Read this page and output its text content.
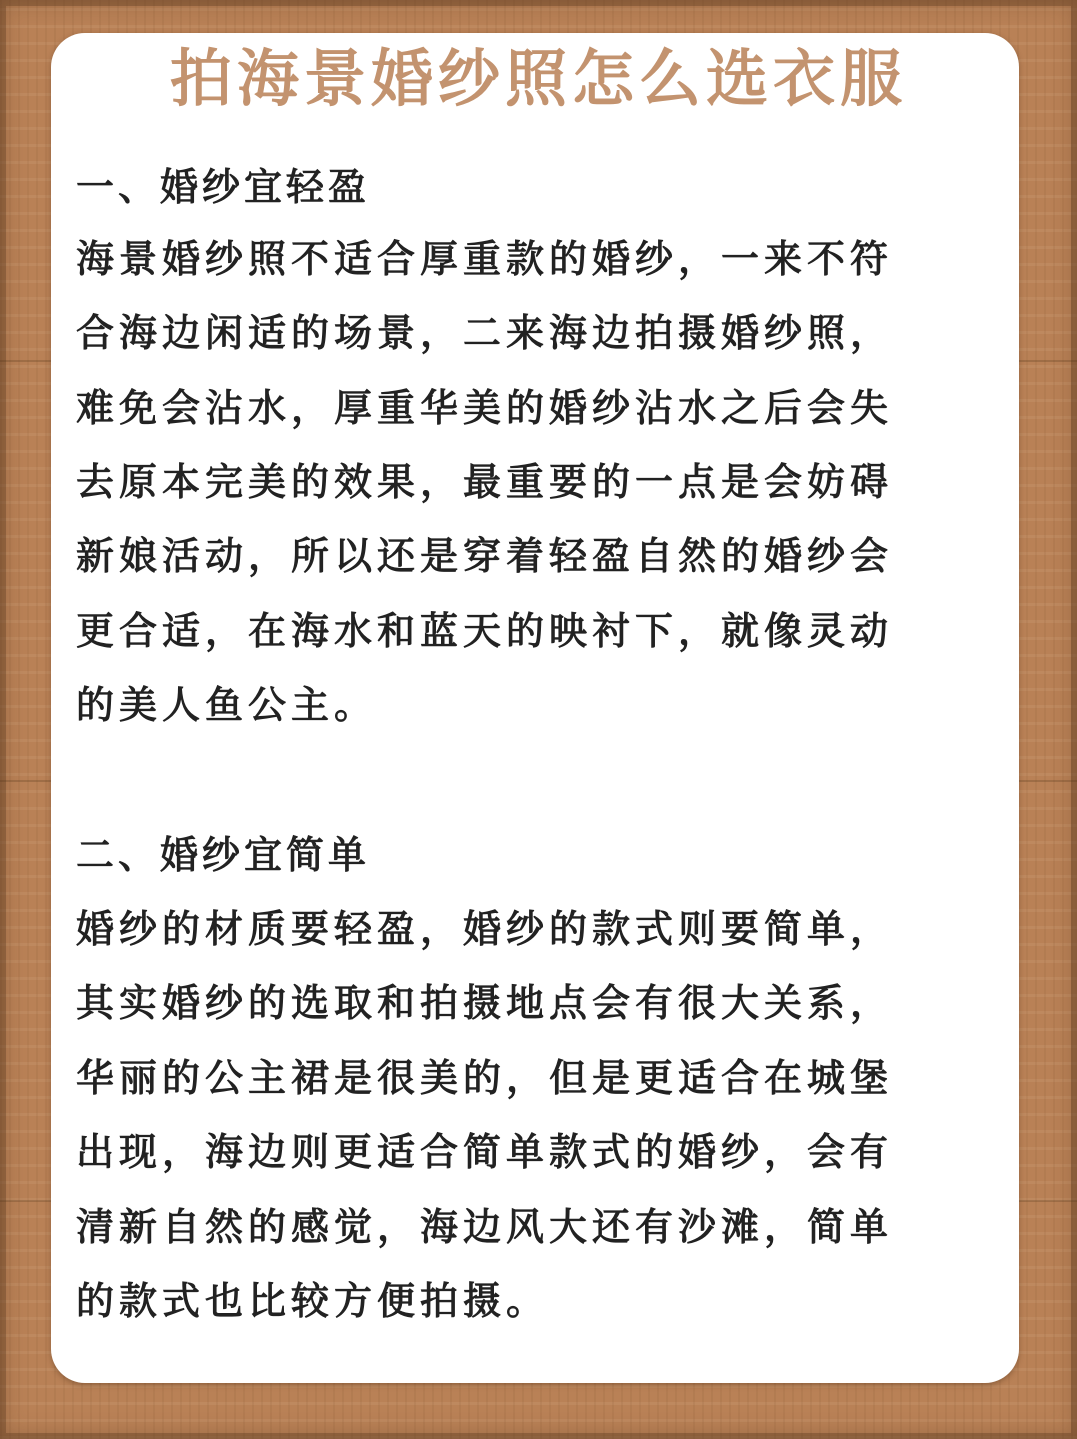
拍海景婚纱照怎么选衣服
一、婚纱宜轻盈
海景婚纱照不适合厚重款的婚纱，一来不符
合海边闲适的场景，二来海边拍摄婚纱照，
难免会沾水，厚重华美的婚纱沾水之后会失
去原本完美的效果，最重要的一点是会妨碍
新娘活动，所以还是穿着轻盈自然的婚纱会
更合适，在海水和蓝天的映衬下，就像灵动
的美人鱼公主。
二、婚纱宜简单
婚纱的材质要轻盈，婚纱的款式则要简单，
其实婚纱的选取和拍摄地点会有很大关系，
华丽的公主裙是很美的，但是更适合在城堡
出现，海边则更适合简单款式的婚纱，会有
清新自然的感觉，海边风大还有沙滩，简单
的款式也比较方便拍摄。
